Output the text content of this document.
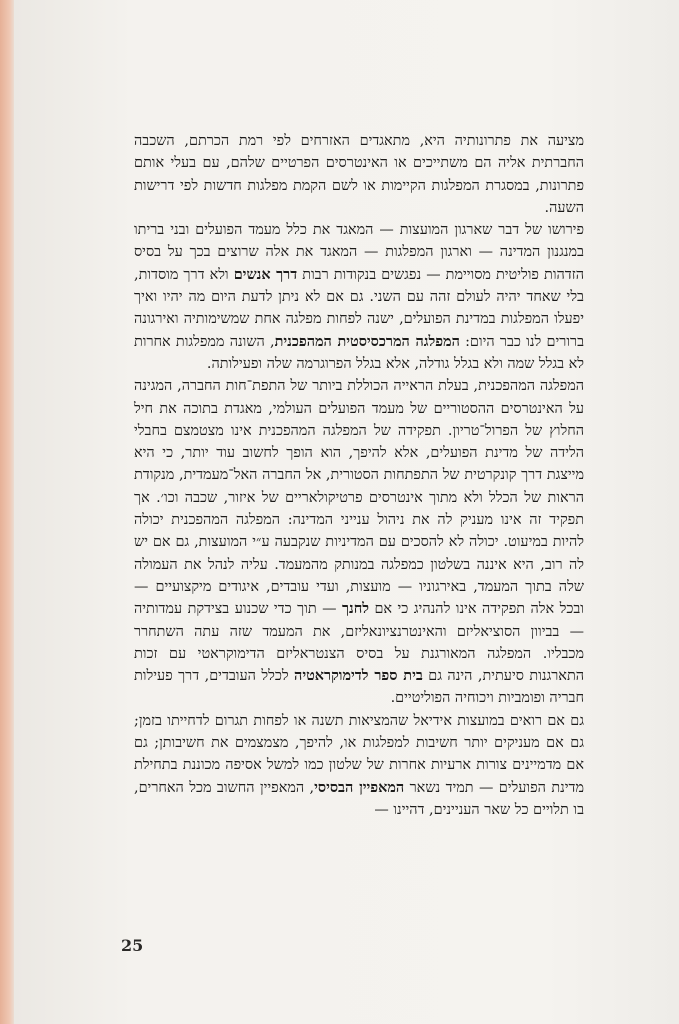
מציעה את פתרונותיה היא, מתאגדים האזרחים לפי רמת הכרתם, השכבה החברתית אליה הם משתייכים או האינטרסים הפרטיים שלהם, עם בעלי אותם פתרונות, במסגרת המפלגות הקיימות או לשם הקמת מפלגות חדשות לפי דרישות השעה.

פירושו של דבר שארגון המועצות — המאגד את כלל מעמד הפועלים ובני בריתו במנגנון המדינה — וארגון המפלגות — המאגד את אלה שרוצים בכך על בסיס הזדהות פוליטית מסויימת — נפגשים בנקודות רבות דרך אנשים ולא דרך מוסדות, בלי שאחד יהיה לעולם זהה עם השני. גם אם לא ניתן לדעת היום מה יהיו ואיך יפעלו המפלגות במדינת הפועלים, ישנה לפחות מפלגה אחת שמשימותיה ואירגונה ברורים לנו כבר היום: המפלגה המרכסיסטית המהפכנית, השונה ממפלגות אחרות לא בגלל שמה ולא בגלל גודלה, אלא בגלל הפרוגרמה שלה ופעילותה.

המפלגה המהפכנית, בעלת הראייה הכוללת ביותר של התפת־חות החברה, המגינה על האינטרסים ההסטוריים של מעמד הפועלים העולמי, מאגדת בתוכה את חיל החלוץ של הפרול־טריון. תפקידה של המפלגה המהפכנית אינו מצטמצם בחבלי הלידה של מדינת הפועלים, אלא להיפך, הוא הופך לחשוב עוד יותר, כי היא מייצגת דרך קונקרטית של התפתחות הסטורית, אל החברה האל־מעמדית, מנקודת הראות של הכלל ולא מתוך אינטרסים פרטיקולאריים של איזור, שכבה וכו׳. אך תפקיד זה אינו מעניק לה את ניהול ענייני המדינה: המפלגה המהפכנית יכולה להיות במיעוט. יכולה לא להסכים עם המדיניות שנקבעה ע״י המועצות, גם אם יש לה רוב, היא איננה בשלטון כמפלגה במנותק מהמעמד. עליה לנהל את העמולה שלה בתוך המעמד, באירגוניו — מועצות, ועדי עובדים, איגודים מיקצועיים — ובכל אלה תפקידה אינו להנהיג כי אם לחנך — תוך כדי שכנוע בצידקת עמדותיה — בביוון הסוציאליזם והאינטרנציונאליזם, את המעמד שזה עתה השתחרר מכבליו. המפלגה המאורגנת על בסיס הצנטראליזם הדימוקראטי עם זכות התארגנות סיעתית, הינה גם בית ספר לדימוקראטיה לכלל העובדים, דרך פעילות חבריה ופומביות ויכוחיה הפוליטיים.

גם אם רואים במועצות אידיאל שהמציאות תשנה או לפחות תגרום לדחייתו בזמן; גם אם מעניקים יותר חשיבות למפלגות או, להיפך, מצמצמים את חשיבותן; גם אם מדמיינים צורות ארעיות אחרות של שלטון כמו למשל אסיפה מכוננת בתחילת מדינת הפועלים — תמיד נשאר המאפיין הבסיסי, המאפיין החשוב מכל האחרים, בו תלויים כל שאר העניינים, דהיינו —

25
